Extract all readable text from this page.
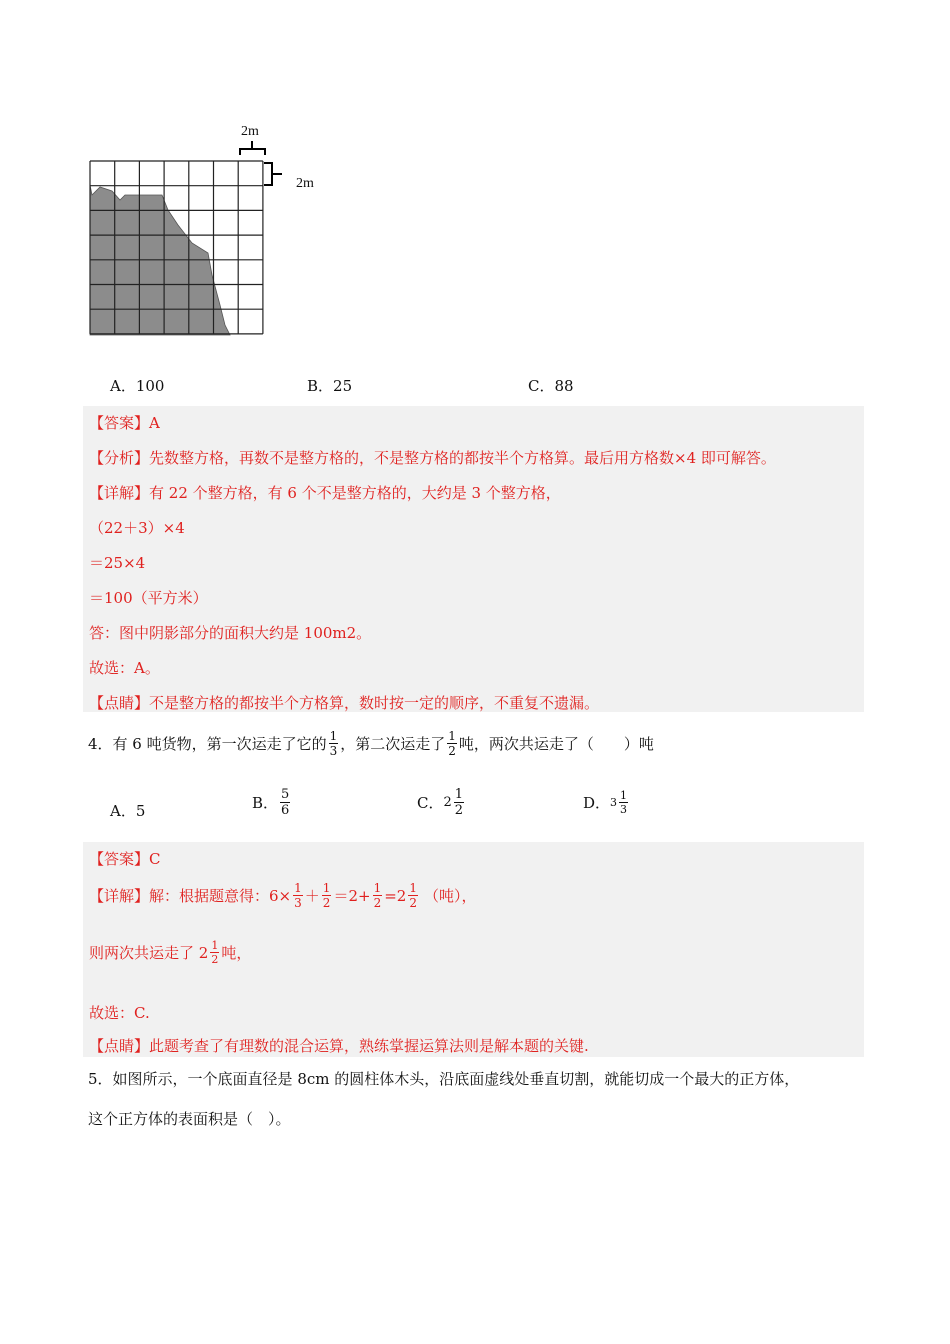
2m
2m
A．100	B．25	C．88
【答案】A
【分析】先数整方格，再数不是整方格的，不是整方格的都按半个方格算。最后用方格数×4 即可解答。
【详解】有 22 个整方格，有 6 个不是整方格的，大约是 3 个整方格，
（22＋3）×4
＝25×4
＝100（平方米）
答：图中阴影部分的面积大约是 100m2。
故选：A。
【点睛】不是整方格的都按半个方格算，数时按一定的顺序，不重复不遗漏。
4．有 6 吨货物，第一次运走了它的 $\frac{1}{3}$ ，第二次运走了 $\frac{1}{2}$ 吨，两次共运走了（　　）吨
A．5	B． $\frac{5}{6}$	C． $2 \frac{1}{2}$	D． $3 \frac{1}{3}$
【答案】C
【详解】 解：根据题意得：$6\times \frac{1}{3} + \frac{1}{2} =2+ \frac{1}{2} =2 \frac{1}{2}$ （吨），
则两次共运走了 $2 \frac{1}{2}$ 吨，
故选：C.
【点睛】此题考查了有理数的混合运算，熟练掌握运算法则是解本题的关键.
5．如图所示，一个底面直径是 8cm 的圆柱体木头，沿底面虚线处垂直切割，就能切成一个最大的正方体，
这个正方体的表面积是（　）。
